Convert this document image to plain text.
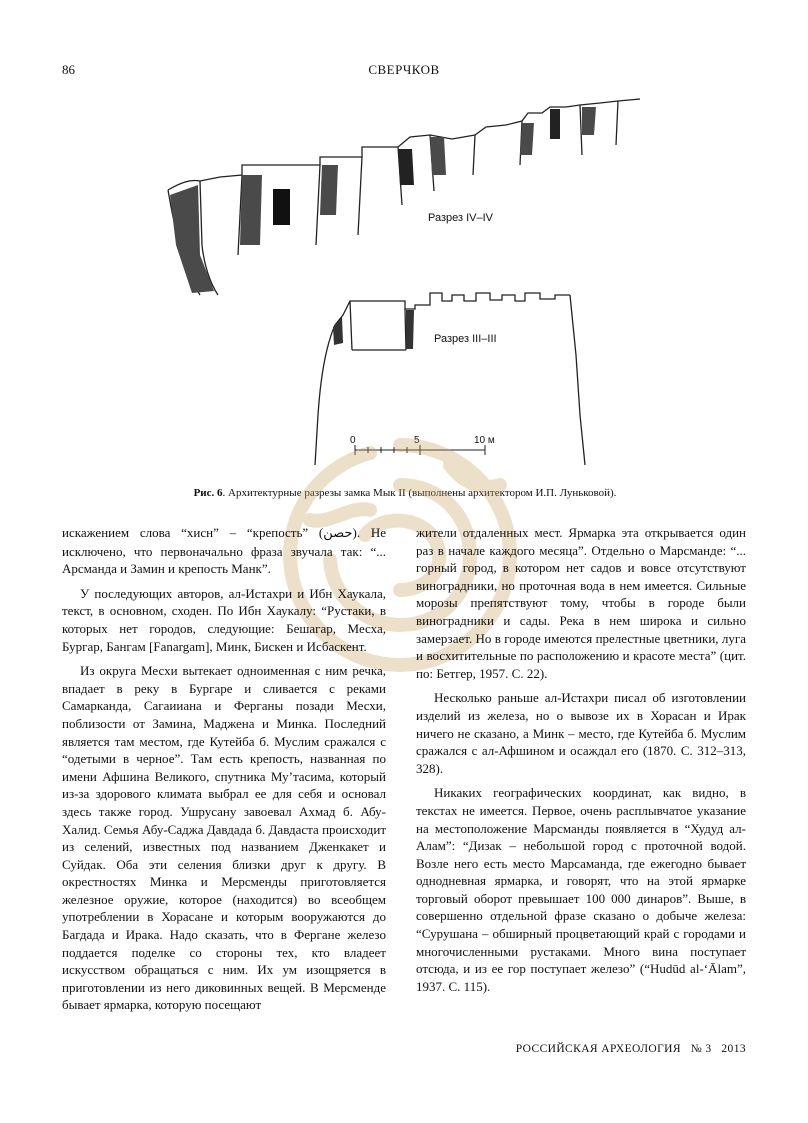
86	СВЕРЧКОВ
Разрез IV–IV
Разрез III–III
0	5	10 м
Рис. 6. Архитектурные разрезы замка Мык II (выполнены архитектором И.П. Луньковой).

искажением слова “хисн” – “крепость” (حصن). Не исключено, что первоначально фраза звучала так: “... Арсманда и Замин и крепость Манк”.

У последующих авторов, ал-Истахри и Ибн Хаукала, текст, в основном, сходен. По Ибн Хаукалу: “Рустаки, в которых нет городов, следующие: Бешагар, Месха, Бургар, Бангам [Fanargam], Минк, Бискен и Исбаскент.

Из округа Месхи вытекает одноименная с ним речка, впадает в реку в Бургаре и сливается с реками Самарканда, Сагаииана и Ферганы позади Месхи, поблизости от Замина, Маджена и Минка. Последний является там местом, где Кутейба б. Муслим сражался с “одетыми в черное”. Там есть крепость, названная по имени Афшина Великого, спутника Му’тасима, который из-за здорового климата выбрал ее для себя и основал здесь также город. Ушрусану завоевал Ахмад б. Абу-Халид. Семья Абу-Саджа Давдада б. Давдаста происходит из селений, известных под названием Дженкакет и Суйдак. Оба эти селения близки друг к другу. В окрестностях Минка и Мерсменды приготовляется железное оружие, которое (находится) во всеобщем употреблении в Хорасане и которым вооружаются до Багдада и Ирака. Надо сказать, что в Фергане железо поддается поделке со стороны тех, кто владеет искусством обращаться с ним. Их ум изощряется в приготовлении из него диковинных вещей. В Мерсменде бывает ярмарка, которую посещают

жители отдаленных мест. Ярмарка эта открывается один раз в начале каждого месяца”. Отдельно о Марсманде: “... горный город, в котором нет садов и вовсе отсутствуют виноградники, но проточная вода в нем имеется. Сильные морозы препятствуют тому, чтобы в городе были виноградники и сады. Река в нем широка и сильно замерзает. Но в городе имеются прелестные цветники, луга и восхитительные по расположению и красоте места” (цит. по: Бетгер, 1957. С. 22).

Несколько раньше ал-Истахри писал об изготовлении изделий из железа, но о вывозе их в Хорасан и Ирак ничего не сказано, а Минк – место, где Кутейба б. Муслим сражался с ал-Афшином и осаждал его (1870. С. 312–313, 328).

Никаких географических координат, как видно, в текстах не имеется. Первое, очень расплывчатое указание на местоположение Марсманды появляется в “Худуд ал-Алам”: “Дизак – небольшой город с проточной водой. Возле него есть место Марсаманда, где ежегодно бывает однодневная ярмарка, и говорят, что на этой ярмарке торговый оборот превышает 100 000 динаров”. Выше, в совершенно отдельной фразе сказано о добыче железа: “Сурушана – обширный процветающий край с городами и многочисленными рустаками. Много вина поступает отсюда, и из ее гор поступает железо” (“Hudūd al-‘Ālam”, 1937. С. 115).

РОССИЙСКАЯ АРХЕОЛОГИЯ № 3 2013
